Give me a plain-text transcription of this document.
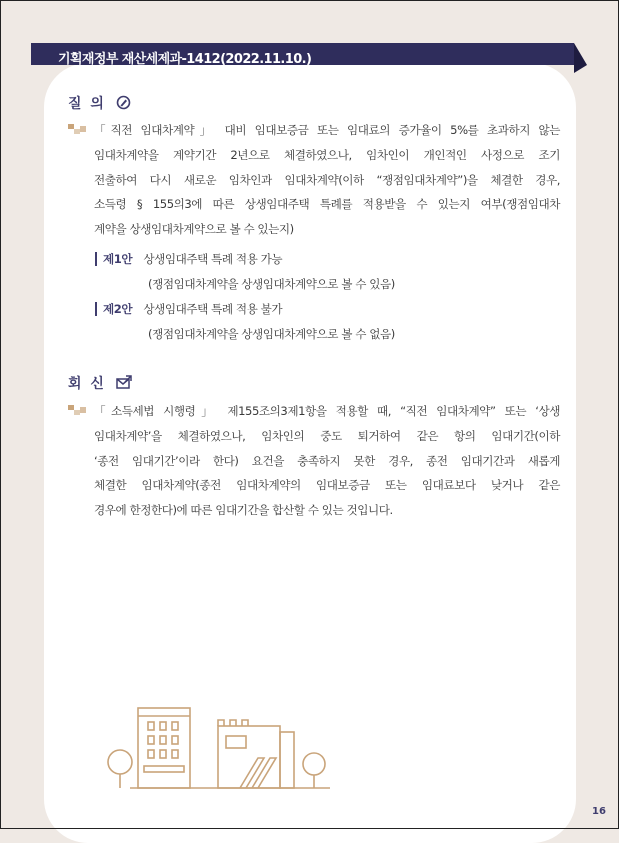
기획재정부 재산세제과-1412(2022.11.10.)
질 의
「직전 임대차계약」 대비 임대보증금 또는 임대료의 증가율이 5%를 초과하지 않는
임대차계약을 계약기간 2년으로 체결하였으나, 임차인이 개인적인 사정으로 조기
전출하여 다시 새로운 임차인과 임대차계약(이하 “쟁점임대차계약”)을 체결한 경우,
소득령 § 155의3에 따른 상생임대주택 특례를 적용받을 수 있는지 여부(쟁점임대차
계약을 상생임대차계약으로 볼 수 있는지)
제1안 상생임대주택 특례 적용 가능
(쟁점임대차계약을 상생임대차계약으로 볼 수 있음)
제2안 상생임대주택 특례 적용 불가
(쟁점임대차계약을 상생임대차계약으로 볼 수 없음)
회 신
「소득세법 시행령」 제155조의3제1항을 적용할 때, “직전 임대차계약” 또는 ‘상생
임대차계약’을 체결하였으나, 임차인의 중도 퇴거하여 같은 항의 임대기간(이하
‘종전 임대기간’이라 한다) 요건을 충족하지 못한 경우, 종전 임대기간과 새롭게
체결한 임대차계약(종전 임대차계약의 임대보증금 또는 임대료보다 낮거나 같은
경우에 한정한다)에 따른 임대기간을 합산할 수 있는 것입니다.
16
